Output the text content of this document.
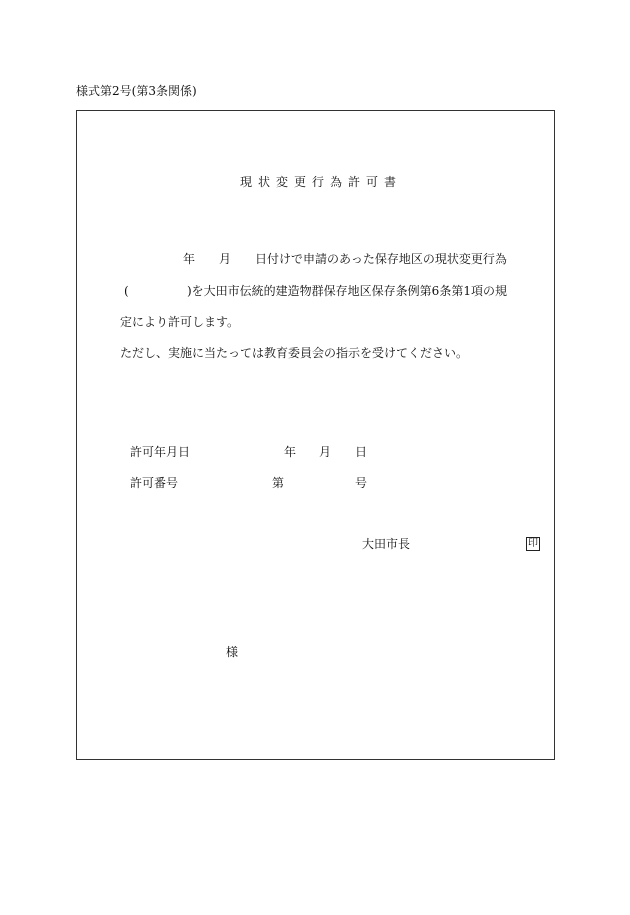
様式第2号(第3条関係)
現状変更行為許可書
年 月 日付けで申請のあった保存地区の現状変更行為
(	)を大田市伝統的建造物群保存地区保存条例第6条第1項の規
定により許可します。
ただし、実施に当たっては教育委員会の指示を受けてください。
許可年月日	年 月 日
許可番号	第	号
大田市長	印
様
